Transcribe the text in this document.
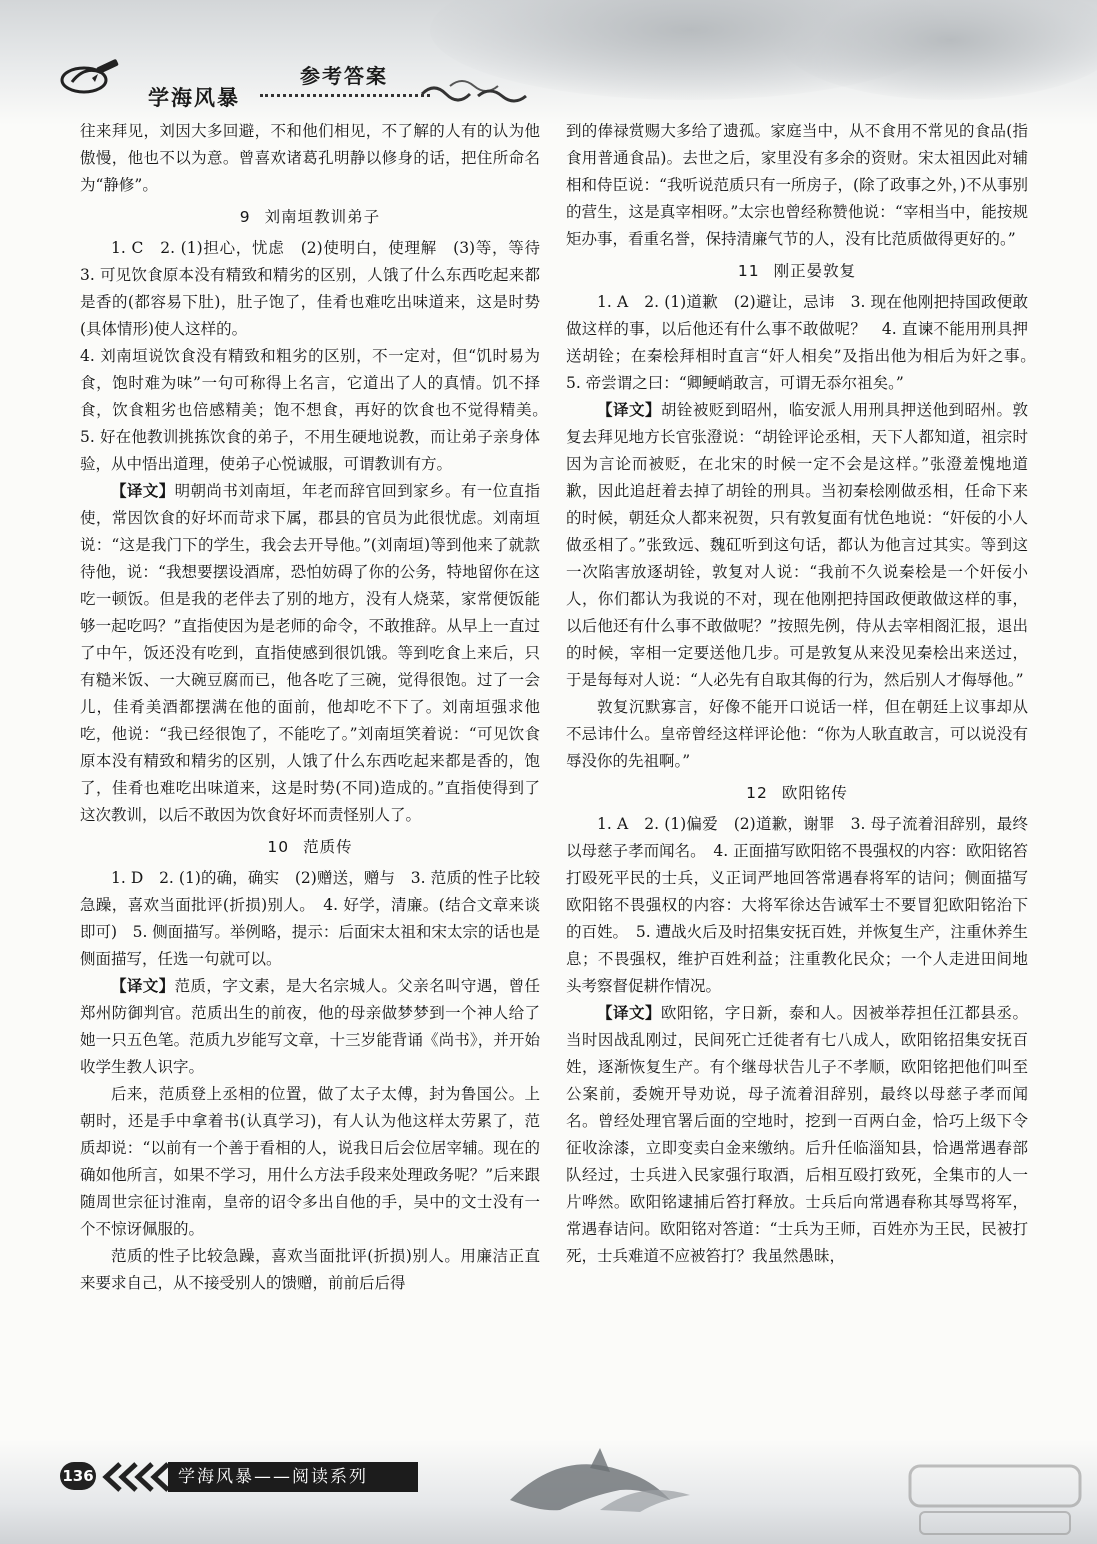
学海风暴
参考答案

往来拜见，刘因大多回避，不和他们相见，不了解的人有的认为他傲慢，他也不以为意。曾喜欢诸葛孔明静以修身的话，把住所命名为“静修”。

9 刘南垣教训弟子

1. C　2. (1)担心，忧虑　(2)使明白，使理解　(3)等，等待　3. 可见饮食原本没有精致和精劣的区别，人饿了什么东西吃起来都是香的(都容易下肚)，肚子饱了，佳肴也难吃出味道来，这是时势(具体情形)使人这样的。

4. 刘南垣说饮食没有精致和粗劣的区别，不一定对，但“饥时易为食，饱时难为味”一句可称得上名言，它道出了人的真情。饥不择食，饮食粗劣也倍感精美；饱不想食，再好的饮食也不觉得精美。　5. 好在他教训挑拣饮食的弟子，不用生硬地说教，而让弟子亲身体验，从中悟出道理，使弟子心悦诚服，可谓教训有方。

【译文】明朝尚书刘南垣，年老而辞官回到家乡。有一位直指使，常因饮食的好坏而苛求下属，郡县的官员为此很忧虑。刘南垣说：“这是我门下的学生，我会去开导他。”(刘南垣)等到他来了就款待他，说：“我想要摆设酒席，恐怕妨碍了你的公务，特地留你在这吃一顿饭。但是我的老伴去了别的地方，没有人烧菜，家常便饭能够一起吃吗？”直指使因为是老师的命令，不敢推辞。从早上一直过了中午，饭还没有吃到，直指使感到很饥饿。等到吃食上来后，只有糙米饭、一大碗豆腐而已，他各吃了三碗，觉得很饱。过了一会儿，佳肴美酒都摆满在他的面前，他却吃不下了。刘南垣强求他吃，他说：“我已经很饱了，不能吃了。”刘南垣笑着说：“可见饮食原本没有精致和精劣的区别，人饿了什么东西吃起来都是香的，饱了，佳肴也难吃出味道来，这是时势(不同)造成的。”直指使得到了这次教训，以后不敢因为饮食好坏而责怪别人了。

10 范质传

1. D　2. (1)的确，确实　(2)赠送，赠与　3. 范质的性子比较急躁，喜欢当面批评(折损)别人。　4. 好学，清廉。(结合文章来谈即可)　5. 侧面描写。举例略，提示：后面宋太祖和宋太宗的话也是侧面描写，任选一句就可以。

【译文】范质，字文素，是大名宗城人。父亲名叫守遇，曾任郑州防御判官。范质出生的前夜，他的母亲做梦梦到一个神人给了她一只五色笔。范质九岁能写文章，十三岁能背诵《尚书》，并开始收学生教人识字。

后来，范质登上丞相的位置，做了太子太傅，封为鲁国公。上朝时，还是手中拿着书(认真学习)，有人认为他这样太劳累了，范质却说：“以前有一个善于看相的人，说我日后会位居宰辅。现在的确如他所言，如果不学习，用什么方法手段来处理政务呢？”后来跟随周世宗征讨淮南，皇帝的诏令多出自他的手，吴中的文士没有一个不惊讶佩服的。

范质的性子比较急躁，喜欢当面批评(折损)别人。用廉洁正直来要求自己，从不接受别人的馈赠，前前后后得

到的俸禄赏赐大多给了遗孤。家庭当中，从不食用不常见的食品(指食用普通食品)。去世之后，家里没有多余的资财。宋太祖因此对辅相和侍臣说：“我听说范质只有一所房子，(除了政事之外，)不从事别的营生，这是真宰相呀。”太宗也曾经称赞他说：“宰相当中，能按规矩办事，看重名誉，保持清廉气节的人，没有比范质做得更好的。”

11 刚正晏敦复

1. A　2. (1)道歉　(2)避让，忌讳　3. 现在他刚把持国政便敢做这样的事，以后他还有什么事不敢做呢？　4. 直谏不能用刑具押送胡铨；在秦桧拜相时直言“奸人相矣”及指出他为相后为奸之事。　5. 帝尝谓之曰：“卿鲠峭敢言，可谓无忝尔祖矣。”

【译文】胡铨被贬到昭州，临安派人用刑具押送他到昭州。敦复去拜见地方长官张澄说：“胡铨评论丞相，天下人都知道，祖宗时因为言论而被贬，在北宋的时候一定不会是这样。”张澄羞愧地道歉，因此追赶着去掉了胡铨的刑具。当初秦桧刚做丞相，任命下来的时候，朝廷众人都来祝贺，只有敦复面有忧色地说：“奸佞的小人做丞相了。”张致远、魏矼听到这句话，都认为他言过其实。等到这一次陷害放逐胡铨，敦复对人说：“我前不久说秦桧是一个奸佞小人，你们都认为我说的不对，现在他刚把持国政便敢做这样的事，以后他还有什么事不敢做呢？”按照先例，侍从去宰相阁汇报，退出的时候，宰相一定要送他几步。可是敦复从来没见秦桧出来送过，于是每每对人说：“人必先有自取其侮的行为，然后别人才侮辱他。”

敦复沉默寡言，好像不能开口说话一样，但在朝廷上议事却从不忌讳什么。皇帝曾经这样评论他：“你为人耿直敢言，可以说没有辱没你的先祖啊。”

12 欧阳铭传

1. A　2. (1)偏爱　(2)道歉，谢罪　3. 母子流着泪辞别，最终以母慈子孝而闻名。　4. 正面描写欧阳铭不畏强权的内容：欧阳铭笞打殴死平民的士兵，义正词严地回答常遇春将军的诘问；侧面描写欧阳铭不畏强权的内容：大将军徐达告诫军士不要冒犯欧阳铭治下的百姓。　5. 遭战火后及时招集安抚百姓，并恢复生产，注重休养生息；不畏强权，维护百姓利益；注重教化民众；一个人走进田间地头考察督促耕作情况。

【译文】欧阳铭，字日新，泰和人。因被举荐担任江都县丞。当时因战乱刚过，民间死亡迁徙者有七八成人，欧阳铭招集安抚百姓，逐渐恢复生产。有个继母状告儿子不孝顺，欧阳铭把他们叫至公案前，委婉开导劝说，母子流着泪辞别，最终以母慈子孝而闻名。曾经处理官署后面的空地时，挖到一百两白金，恰巧上级下令征收涂漆，立即变卖白金来缴纳。后升任临淄知县，恰遇常遇春部队经过，士兵进入民家强行取酒，后相互殴打致死，全集市的人一片哗然。欧阳铭逮捕后笞打释放。士兵后向常遇春称其辱骂将军，常遇春诘问。欧阳铭对答道：“士兵为王师，百姓亦为王民，民被打死，士兵难道不应被笞打？我虽然愚昧，

136	学海风暴——阅读系列
